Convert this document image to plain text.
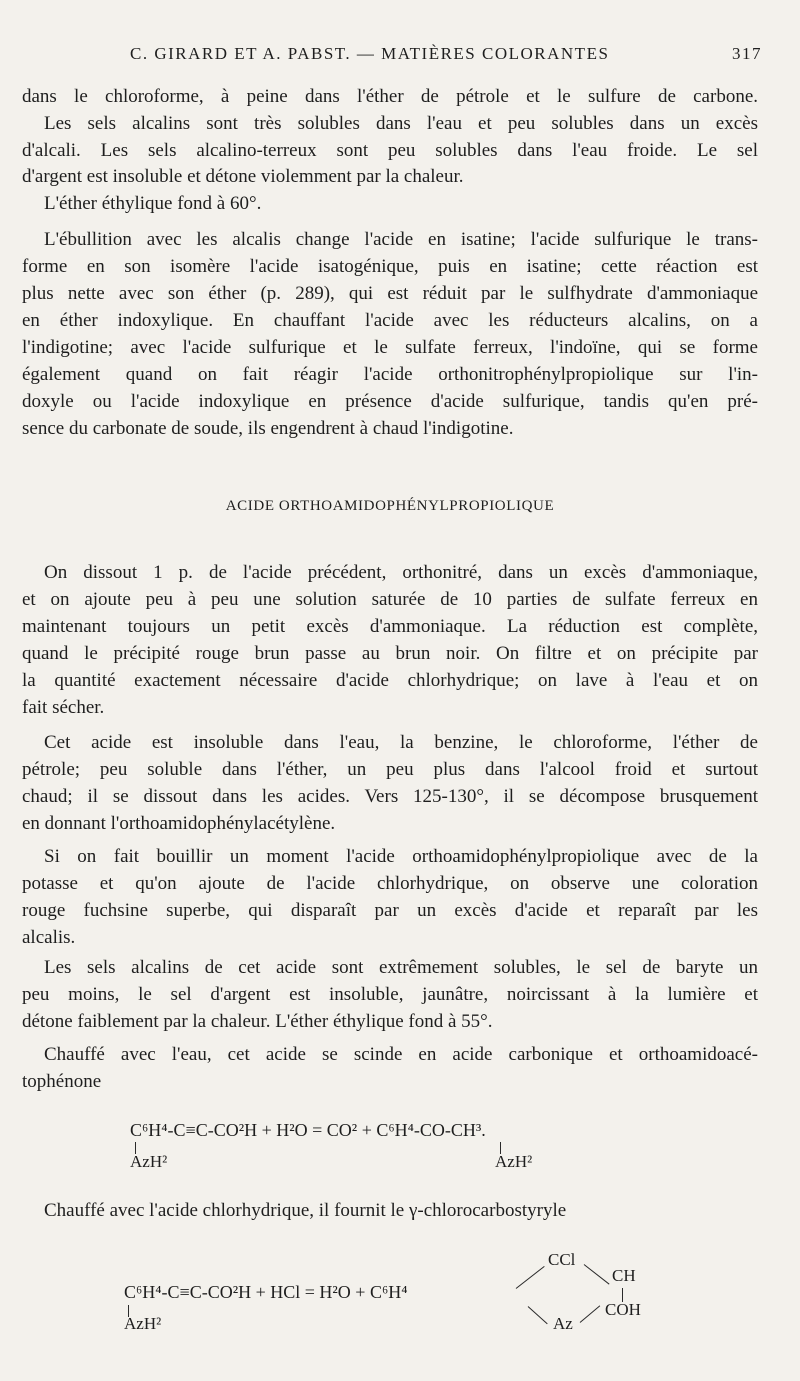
C. GIRARD ET A. PABST. — MATIÈRES COLORANTES	317
dans le chloroforme, à peine dans l'éther de pétrole et le sulfure de carbone.
Les sels alcalins sont très solubles dans l'eau et peu solubles dans un excès
d'alcali. Les sels alcalino-terreux sont peu solubles dans l'eau froide. Le sel
d'argent est insoluble et détone violemment par la chaleur.
L'éther éthylique fond à 60°.
L'ébullition avec les alcalis change l'acide en isatine; l'acide sulfurique le trans-
forme en son isomère l'acide isatogénique, puis en isatine; cette réaction est
plus nette avec son éther (p. 289), qui est réduit par le sulfhydrate d'ammoniaque
en éther indoxylique. En chauffant l'acide avec les réducteurs alcalins, on a
l'indigotine; avec l'acide sulfurique et le sulfate ferreux, l'indoïne, qui se forme
également quand on fait réagir l'acide orthonitrophénylpropiolique sur l'in-
doxyle ou l'acide indoxylique en présence d'acide sulfurique, tandis qu'en pré-
sence du carbonate de soude, ils engendrent à chaud l'indigotine.
ACIDE ORTHOAMIDOPHÉNYLPROPIOLIQUE
On dissout 1 p. de l'acide précédent, orthonitré, dans un excès d'ammoniaque,
et on ajoute peu à peu une solution saturée de 10 parties de sulfate ferreux en
maintenant toujours un petit excès d'ammoniaque. La réduction est complète,
quand le précipité rouge brun passe au brun noir. On filtre et on précipite par
la quantité exactement nécessaire d'acide chlorhydrique; on lave à l'eau et on
fait sécher.
Cet acide est insoluble dans l'eau, la benzine, le chloroforme, l'éther de
pétrole; peu soluble dans l'éther, un peu plus dans l'alcool froid et surtout
chaud; il se dissout dans les acides. Vers 125-130°, il se décompose brusquement
en donnant l'orthoamidophénylacétylène.
Si on fait bouillir un moment l'acide orthoamidophénylpropiolique avec de la
potasse et qu'on ajoute de l'acide chlorhydrique, on observe une coloration
rouge fuchsine superbe, qui disparaît par un excès d'acide et reparaît par les
alcalis.
Les sels alcalins de cet acide sont extrêmement solubles, le sel de baryte un
peu moins, le sel d'argent est insoluble, jaunâtre, noircissant à la lumière et
détone faiblement par la chaleur. L'éther éthylique fond à 55°.
Chauffé avec l'eau, cet acide se scinde en acide carbonique et orthoamidoacé-
tophénone
C⁶H⁴-C≡C-CO²H + H²O = CO² + C⁶H⁴-CO-CH³.
AzH²	AzH²
Chauffé avec l'acide chlorhydrique, il fournit le γ-chlorocarbostyryle
C⁶H⁴-C≡C-CO²H + HCl = H²O + C⁶H⁴
AzH²
CCl
CH
COH
Az
